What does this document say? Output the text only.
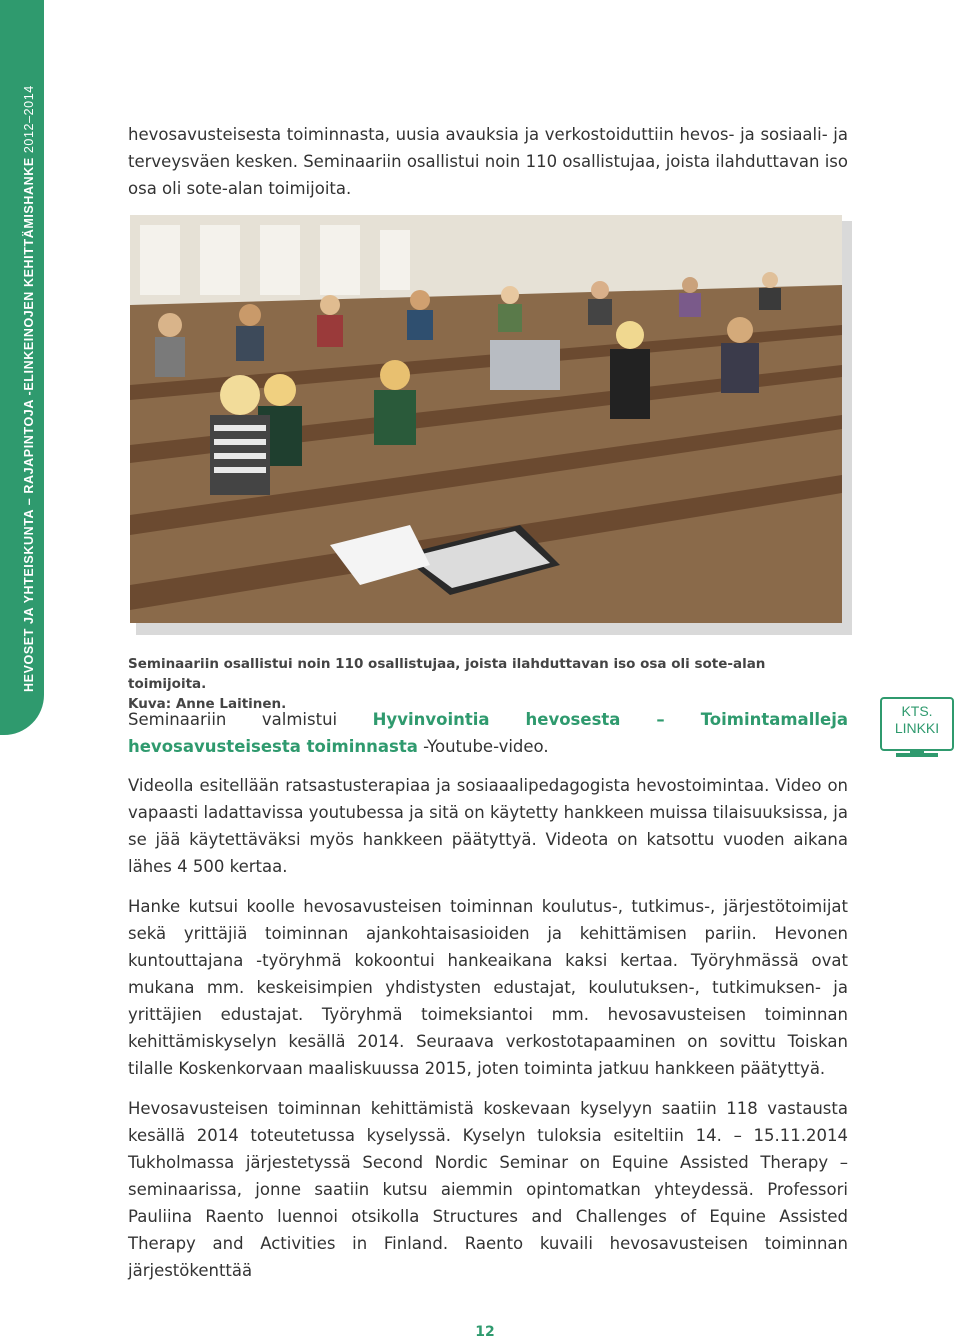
HEVOSET JA YHTEISKUNTA – RAJAPINTOJA -ELINKEINOJEN KEHITTÄMISHANKE 2012–2014	hevosavusteisesta toiminnasta, uusia avauksia ja verkostoiduttiin hevos- ja sosiaali- ja terveysväen kesken. Seminaariin osallistui noin 110 osallistujaa, joista ilahduttavan iso osa oli sote-alan toimijoita.

Seminaariin osallistui noin 110 osallistujaa, joista ilahduttavan iso osa oli sote-alan toimijoita.
Kuva: Anne Laitinen.

Seminaariin valmistui Hyvinvointia hevosesta – Toimintamalleja hevosavusteisesta toiminnasta -Youtube-video.

KTS.
LINKKI

Videolla esitellään ratsastusterapiaa ja sosiaaalipedagogista hevostoimintaa. Video on vapaasti ladattavissa youtubessa ja sitä on käytetty hankkeen muissa tilaisuuksissa, ja se jää käytettäväksi myös hankkeen päätyttyä. Videota on katsottu vuoden aikana lähes 4 500 kertaa.

Hanke kutsui koolle hevosavusteisen toiminnan koulutus-, tutkimus-, järjestötoimijat sekä yrittäjiä toiminnan ajankohtaisasioiden ja kehittämisen pariin. Hevonen kuntouttajana -työryhmä kokoontui hankeaikana kaksi kertaa. Työryhmässä ovat mukana mm. keskeisimpien yhdistysten edustajat, koulutuksen-, tutkimuksen- ja yrittäjien edustajat. Työryhmä toimeksiantoi mm. hevosavusteisen toiminnan kehittämiskyselyn kesällä 2014. Seuraava verkostotapaaminen on sovittu Toiskan tilalle Koskenkorvaan maaliskuussa 2015, joten toiminta jatkuu hankkeen päätyttyä.

Hevosavusteisen toiminnan kehittämistä koskevaan kyselyyn saatiin 118 vastausta kesällä 2014 toteutetussa kyselyssä. Kyselyn tuloksia esiteltiin 14. – 15.11.2014 Tukholmassa järjestetyssä Second Nordic Seminar on Equine Assisted Therapy –seminaarissa, jonne saatiin kutsu aiemmin opintomatkan yhteydessä. Professori Pauliina Raento luennoi otsikolla Structures and Challenges of Equine Assisted Therapy and Activities in Finland. Raento kuvaili hevosavusteisen toiminnan järjestökenttää

12
